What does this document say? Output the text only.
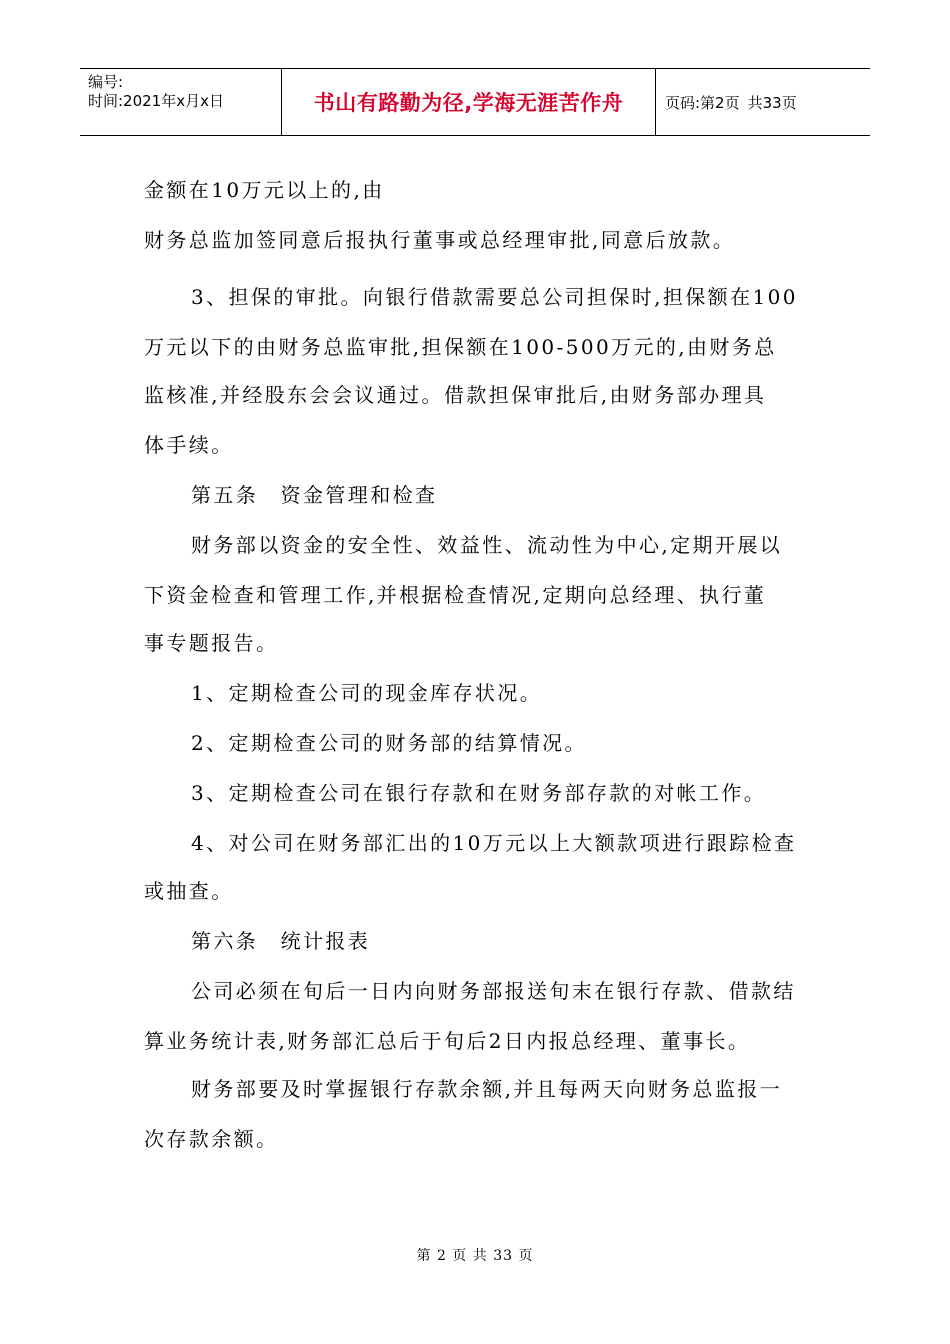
编号:
时间:2021年x月x日	书山有路勤为径,学海无涯苦作舟	页码:第2页 共33页
金额在10万元以上的,由
财务总监加签同意后报执行董事或总经理审批,同意后放款。
3、担保的审批。向银行借款需要总公司担保时,担保额在100
万元以下的由财务总监审批,担保额在100-500万元的,由财务总
监核准,并经股东会会议通过。借款担保审批后,由财务部办理具
体手续。
第五条　资金管理和检查
财务部以资金的安全性、效益性、流动性为中心,定期开展以
下资金检查和管理工作,并根据检查情况,定期向总经理、执行董
事专题报告。
1、定期检查公司的现金库存状况。
2、定期检查公司的财务部的结算情况。
3、定期检查公司在银行存款和在财务部存款的对帐工作。
4、对公司在财务部汇出的10万元以上大额款项进行跟踪检查
或抽查。
第六条　统计报表
公司必须在旬后一日内向财务部报送旬末在银行存款、借款结
算业务统计表,财务部汇总后于旬后2日内报总经理、董事长。
财务部要及时掌握银行存款余额,并且每两天向财务总监报一
次存款余额。
第 2 页 共 33 页
